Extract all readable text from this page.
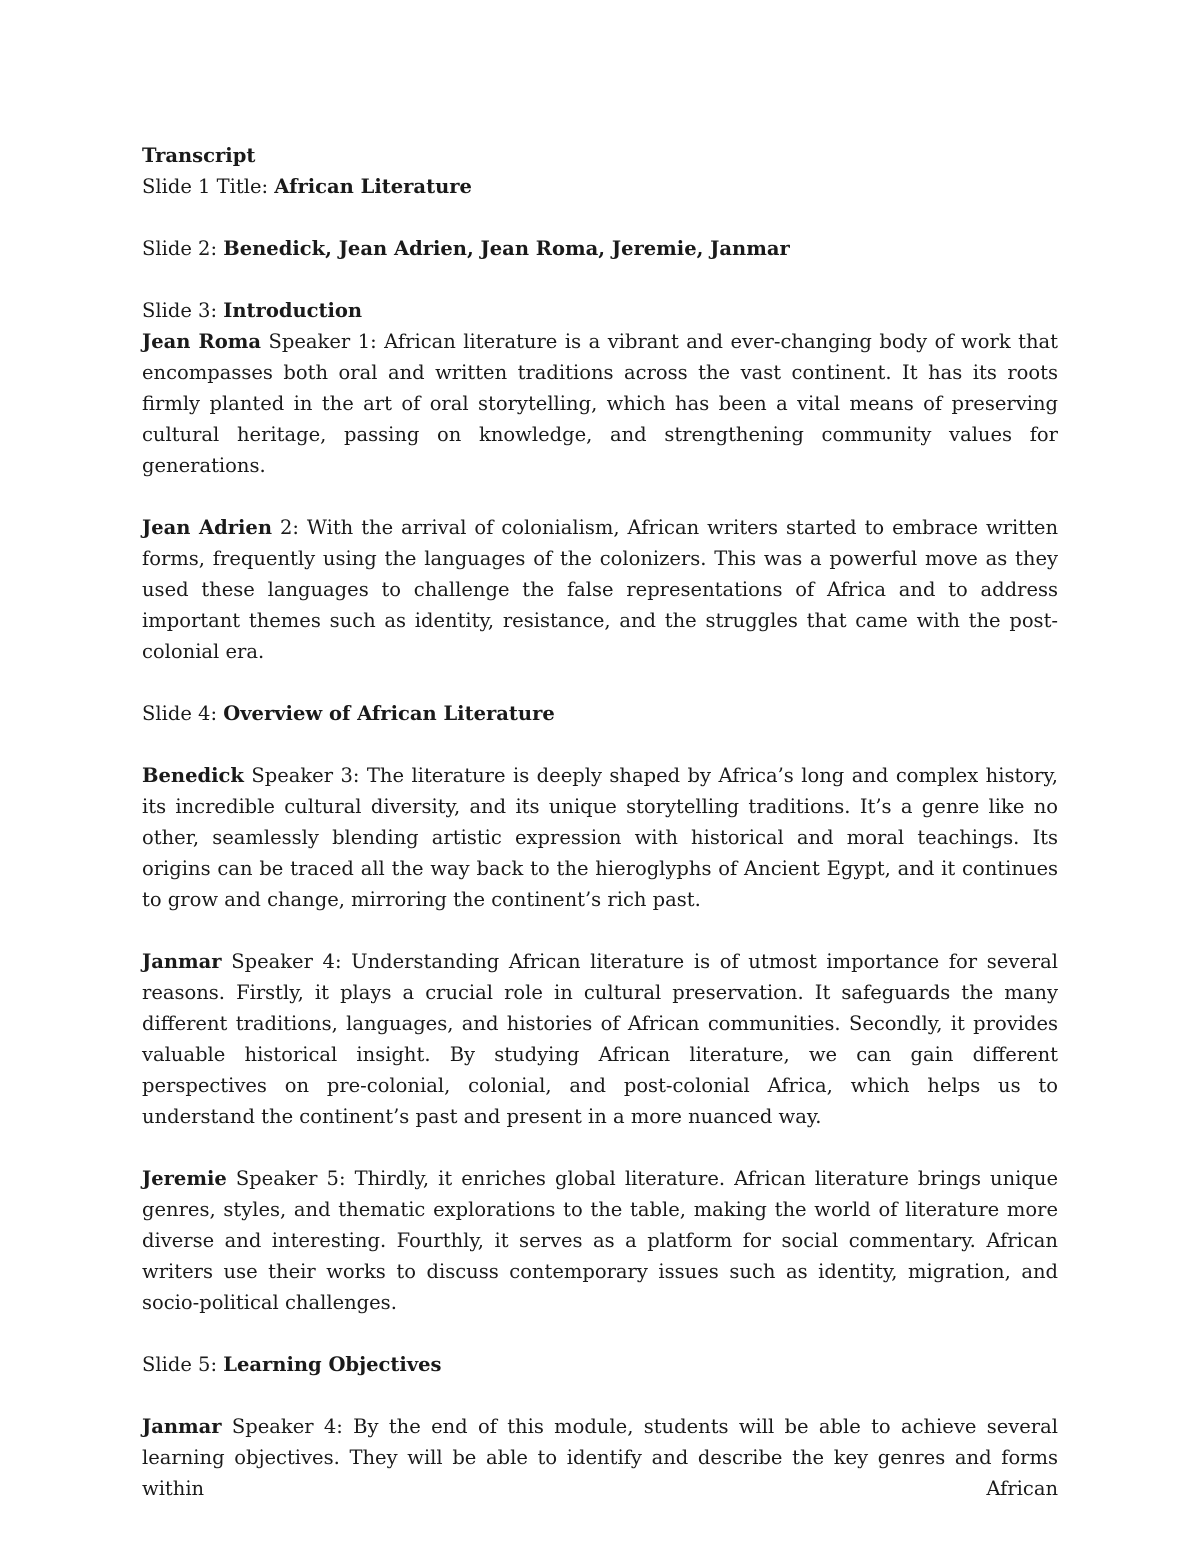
Transcript

Slide 1 Title: African Literature

Slide 2: Benedick, Jean Adrien, Jean Roma, Jeremie, Janmar

Slide 3: Introduction

Jean Roma Speaker 1: African literature is a vibrant and ever-changing body of work that encompasses both oral and written traditions across the vast continent. It has its roots firmly planted in the art of oral storytelling, which has been a vital means of preserving cultural heritage, passing on knowledge, and strengthening community values for generations.

Jean Adrien 2: With the arrival of colonialism, African writers started to embrace written forms, frequently using the languages of the colonizers. This was a powerful move as they used these languages to challenge the false representations of Africa and to address important themes such as identity, resistance, and the struggles that came with the post-colonial era.

Slide 4: Overview of African Literature

Benedick Speaker 3: The literature is deeply shaped by Africa’s long and complex history, its incredible cultural diversity, and its unique storytelling traditions. It’s a genre like no other, seamlessly blending artistic expression with historical and moral teachings. Its origins can be traced all the way back to the hieroglyphs of Ancient Egypt, and it continues to grow and change, mirroring the continent’s rich past.

Janmar Speaker 4: Understanding African literature is of utmost importance for several reasons. Firstly, it plays a crucial role in cultural preservation. It safeguards the many different traditions, languages, and histories of African communities. Secondly, it provides valuable historical insight. By studying African literature, we can gain different perspectives on pre-colonial, colonial, and post-colonial Africa, which helps us to understand the continent’s past and present in a more nuanced way.

Jeremie Speaker 5: Thirdly, it enriches global literature. African literature brings unique genres, styles, and thematic explorations to the table, making the world of literature more diverse and interesting. Fourthly, it serves as a platform for social commentary. African writers use their works to discuss contemporary issues such as identity, migration, and socio-political challenges.

Slide 5: Learning Objectives

Janmar Speaker 4: By the end of this module, students will be able to achieve several learning objectives. They will be able to identify and describe the key genres and forms within African
